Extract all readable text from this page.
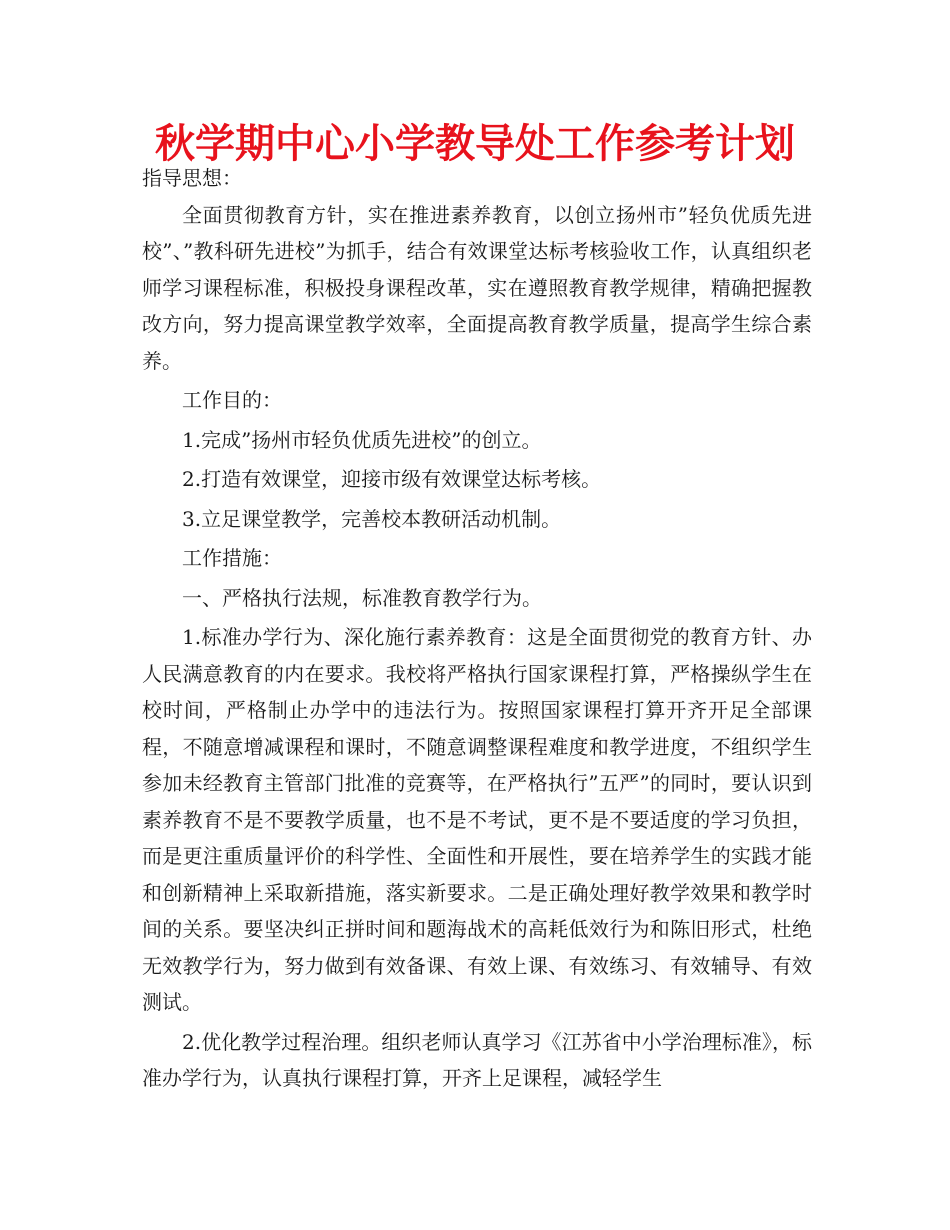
秋学期中心小学教导处工作参考计划

指导思想：

全面贯彻教育方针，实在推进素养教育，以创立扬州市”轻负优质先进校”、”教科研先进校”为抓手，结合有效课堂达标考核验收工作，认真组织老师学习课程标准，积极投身课程改革，实在遵照教育教学规律，精确把握教改方向，努力提高课堂教学效率，全面提高教育教学质量，提高学生综合素养。

工作目的：

1.完成”扬州市轻负优质先进校”的创立。

2.打造有效课堂，迎接市级有效课堂达标考核。

3.立足课堂教学，完善校本教研活动机制。

工作措施：

一、严格执行法规，标准教育教学行为。

1.标准办学行为、深化施行素养教育：这是全面贯彻党的教育方针、办人民满意教育的内在要求。我校将严格执行国家课程打算，严格操纵学生在校时间，严格制止办学中的违法行为。按照国家课程打算开齐开足全部课程，不随意增减课程和课时，不随意调整课程难度和教学进度，不组织学生参加未经教育主管部门批准的竞赛等，在严格执行”五严”的同时，要认识到素养教育不是不要教学质量，也不是不考试，更不是不要适度的学习负担，而是更注重质量评价的科学性、全面性和开展性，要在培养学生的实践才能和创新精神上采取新措施，落实新要求。二是正确处理好教学效果和教学时间的关系。要坚决纠正拼时间和题海战术的高耗低效行为和陈旧形式，杜绝无效教学行为，努力做到有效备课、有效上课、有效练习、有效辅导、有效测试。

2.优化教学过程治理。组织老师认真学习《江苏省中小学治理标准》，标准办学行为，认真执行课程打算，开齐上足课程，减轻学生
